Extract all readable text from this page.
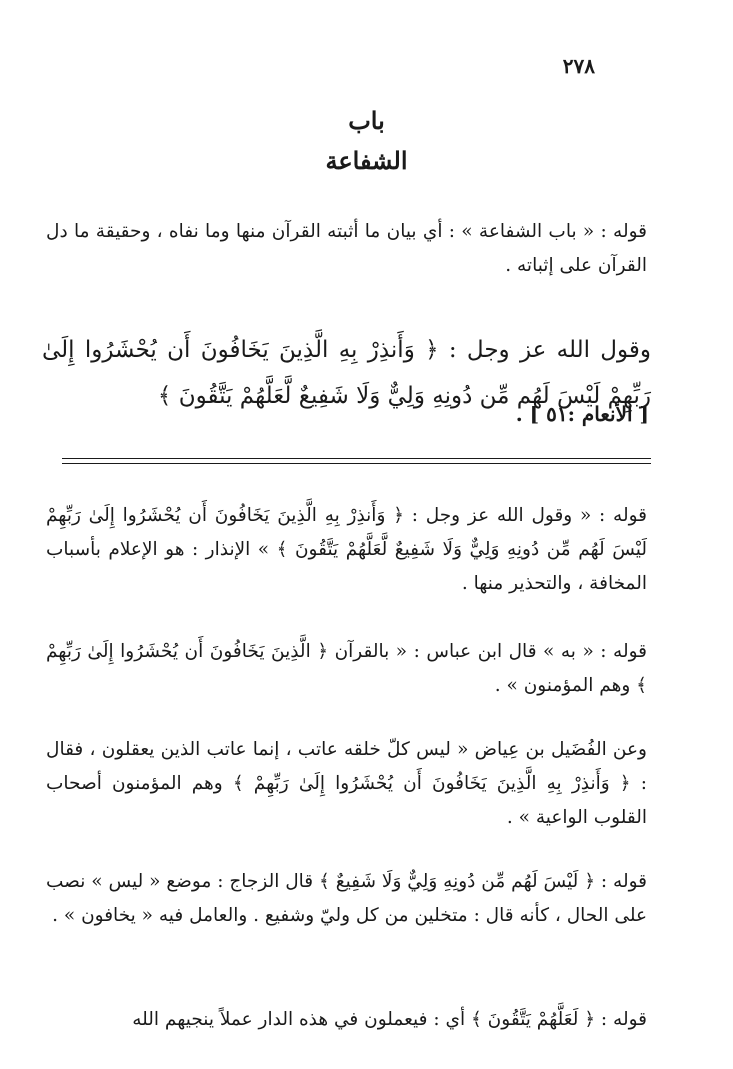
٢٧٨
باب
الشفاعة

قوله : « باب الشفاعة » : أي بيان ما أثبته القرآن منها وما نفاه ، وحقيقة ما دل القرآن على إثباته .

وقول الله عز وجل : ﴿ وَأَنذِرْ بِهِ الَّذِينَ يَخَافُونَ أَن يُحْشَرُوا إِلَىٰ رَبِّهِمْ لَيْسَ لَهُم مِّن دُونِهِ وَلِيٌّ وَلَا شَفِيعٌ لَّعَلَّهُمْ يَتَّقُونَ ﴾

[ الأنعام :٥١ ] .

قوله : « وقول الله عز وجل : ﴿ وَأَنذِرْ بِهِ الَّذِينَ يَخَافُونَ أَن يُحْشَرُوا إِلَىٰ رَبِّهِمْ لَيْسَ لَهُم مِّن دُونِهِ وَلِيٌّ وَلَا شَفِيعٌ لَّعَلَّهُمْ يَتَّقُونَ ﴾ » الإنذار : هو الإعلام بأسباب المخافة ، والتحذير منها .

قوله : « به » قال ابن عباس : « بالقرآن ﴿ الَّذِينَ يَخَافُونَ أَن يُحْشَرُوا إِلَىٰ رَبِّهِمْ ﴾ وهم المؤمنون » .

وعن الفُضَيل بن عِياض « ليس كلّ خلقه عاتب ، إنما عاتب الذين يعقلون ، فقال : ﴿ وَأَنذِرْ بِهِ الَّذِينَ يَخَافُونَ أَن يُحْشَرُوا إِلَىٰ رَبِّهِمْ ﴾ وهم المؤمنون أصحاب القلوب الواعية » .

قوله : ﴿ لَيْسَ لَهُم مِّن دُونِهِ وَلِيٌّ وَلَا شَفِيعٌ ﴾ قال الزجاج : موضع « ليس » نصب على الحال ، كأنه قال : متخلين من كل وليّ وشفيع . والعامل فيه « يخافون » .

قوله : ﴿ لَعَلَّهُمْ يَتَّقُونَ ﴾ أي : فيعملون في هذه الدار عملاً ينجيهم الله
